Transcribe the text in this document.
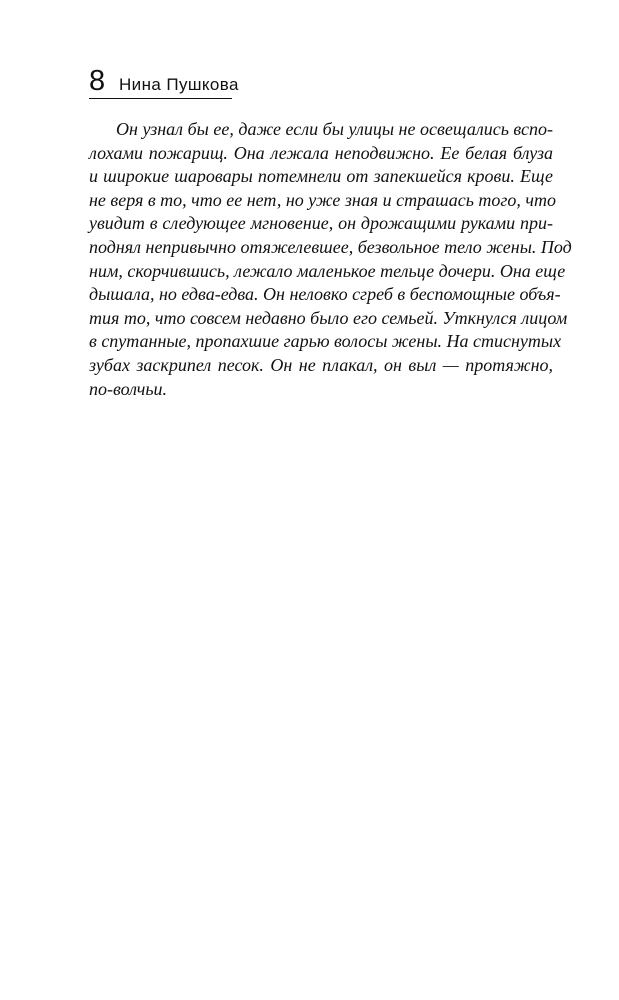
8 Нина Пушкова
Он узнал бы ее, даже если бы улицы не освещались вспо-
лохами пожарищ. Она лежала неподвижно. Ее белая блуза
и широкие шаровары потемнели от запекшейся крови. Еще
не веря в то, что ее нет, но уже зная и страшась того, что
увидит в следующее мгновение, он дрожащими руками при-
поднял непривычно отяжелевшее, безвольное тело жены. Под
ним, скорчившись, лежало маленькое тельце дочери. Она еще
дышала, но едва-едва. Он неловко сгреб в беспомощные объя-
тия то, что совсем недавно было его семьей. Уткнулся лицом
в спутанные, пропахшие гарью волосы жены. На стиснутых
зубах заскрипел песок. Он не плакал, он выл — протяжно,
по-волчьи.
